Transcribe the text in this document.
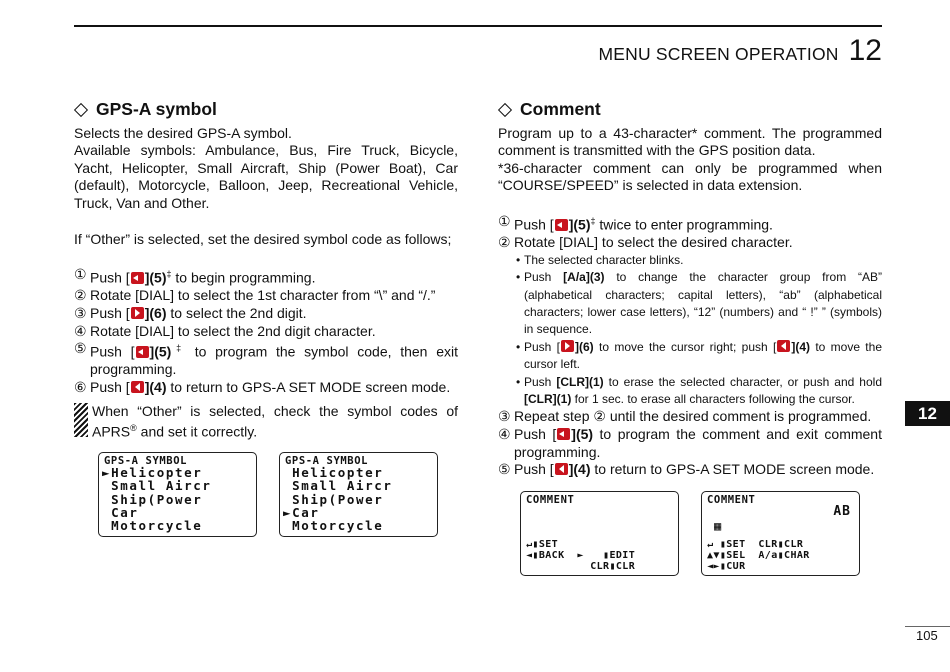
MENU SCREEN OPERATION 12
GPS-A symbol

Selects the desired GPS-A symbol.

Available symbols: Ambulance, Bus, Fire Truck, Bicycle, Yacht, Helicopter, Small Aircraft, Ship (Power Boat), Car (default), Motorcycle, Balloon, Jeep, Recreational Vehicle, Truck, Van and Other.

If “Other” is selected, set the desired symbol code as follows;

① Push [ ](5)‡ to begin programming.
② Rotate [DIAL] to select the 1st character from “\” and “/.”
③ Push [ ](6) to select the 2nd digit.
④ Rotate [DIAL] to select the 2nd digit character.
⑤ Push [ ](5)‡ to program the symbol code, then exit programming.
⑥ Push [ ](4) to return to GPS-A SET MODE screen mode.

When “Other” is selected, check the symbol codes of APRS® and set it correctly.

GPS-A SYMBOL
►Helicopter
Small Aircr
Ship(Power
Car
Motorcycle
GPS-A SYMBOL
Helicopter
Small Aircr
Ship(Power
►Car
Motorcycle
Comment

Program up to a 43-character* comment. The programmed comment is transmitted with the GPS position data.

*36-character comment can only be programmed when “COURSE/SPEED” is selected in data extension.

① Push [ ](5)‡ twice to enter programming.
② Rotate [DIAL] to select the desired character.
• The selected character blinks.
• Push [A/a](3) to change the character group from “AB” (alphabetical characters; capital letters), “ab” (alphabetical characters; lower case letters), “12” (numbers) and “ !” ” (symbols) in sequence.
• Push [ ](6) to move the cursor right; push [ ](4) to move the cursor left.
• Push [CLR](1) to erase the selected character, or push and hold [CLR](1) for 1 sec. to erase all characters following the cursor.
③ Repeat step ② until the desired comment is programmed.
④ Push [ ](5) to program the comment and exit comment programming.
⑤ Push [ ](4) to return to GPS-A SET MODE screen mode.
COMMENT
↵▮SET
◄▮BACK  ►   ▮EDIT
CLR▮CLR
COMMENT
AB
▦
↵ ▮SET  CLR▮CLR
▲▼▮SEL  A/a▮CHAR
◄►▮CUR
12
105
